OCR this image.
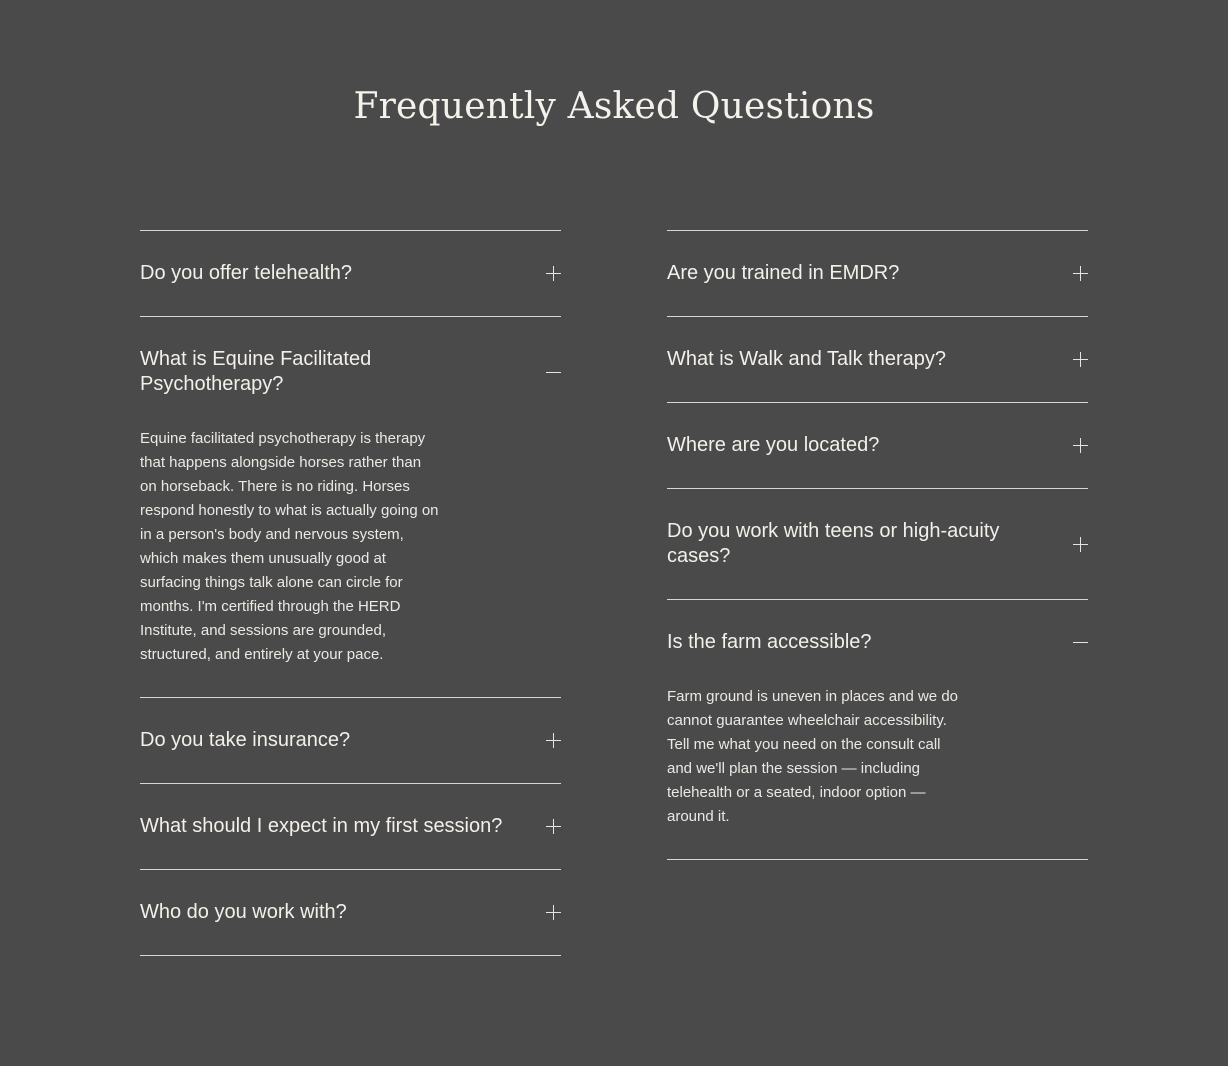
Frequently Asked Questions
Do you offer telehealth?
What is Equine Facilitated Psychotherapy?
Equine facilitated psychotherapy is therapy that happens alongside horses rather than on horseback. There is no riding. Horses respond honestly to what is actually going on in a person's body and nervous system, which makes them unusually good at surfacing things talk alone can circle for months. I'm certified through the HERD Institute, and sessions are grounded, structured, and entirely at your pace.
Do you take insurance?
What should I expect in my first session?
Who do you work with?
Are you trained in EMDR?
What is Walk and Talk therapy?
Where are you located?
Do you work with teens or high-acuity cases?
Is the farm accessible?
Farm ground is uneven in places and we do cannot guarantee wheelchair accessibility. Tell me what you need on the consult call and we'll plan the session — including telehealth or a seated, indoor option — around it.
